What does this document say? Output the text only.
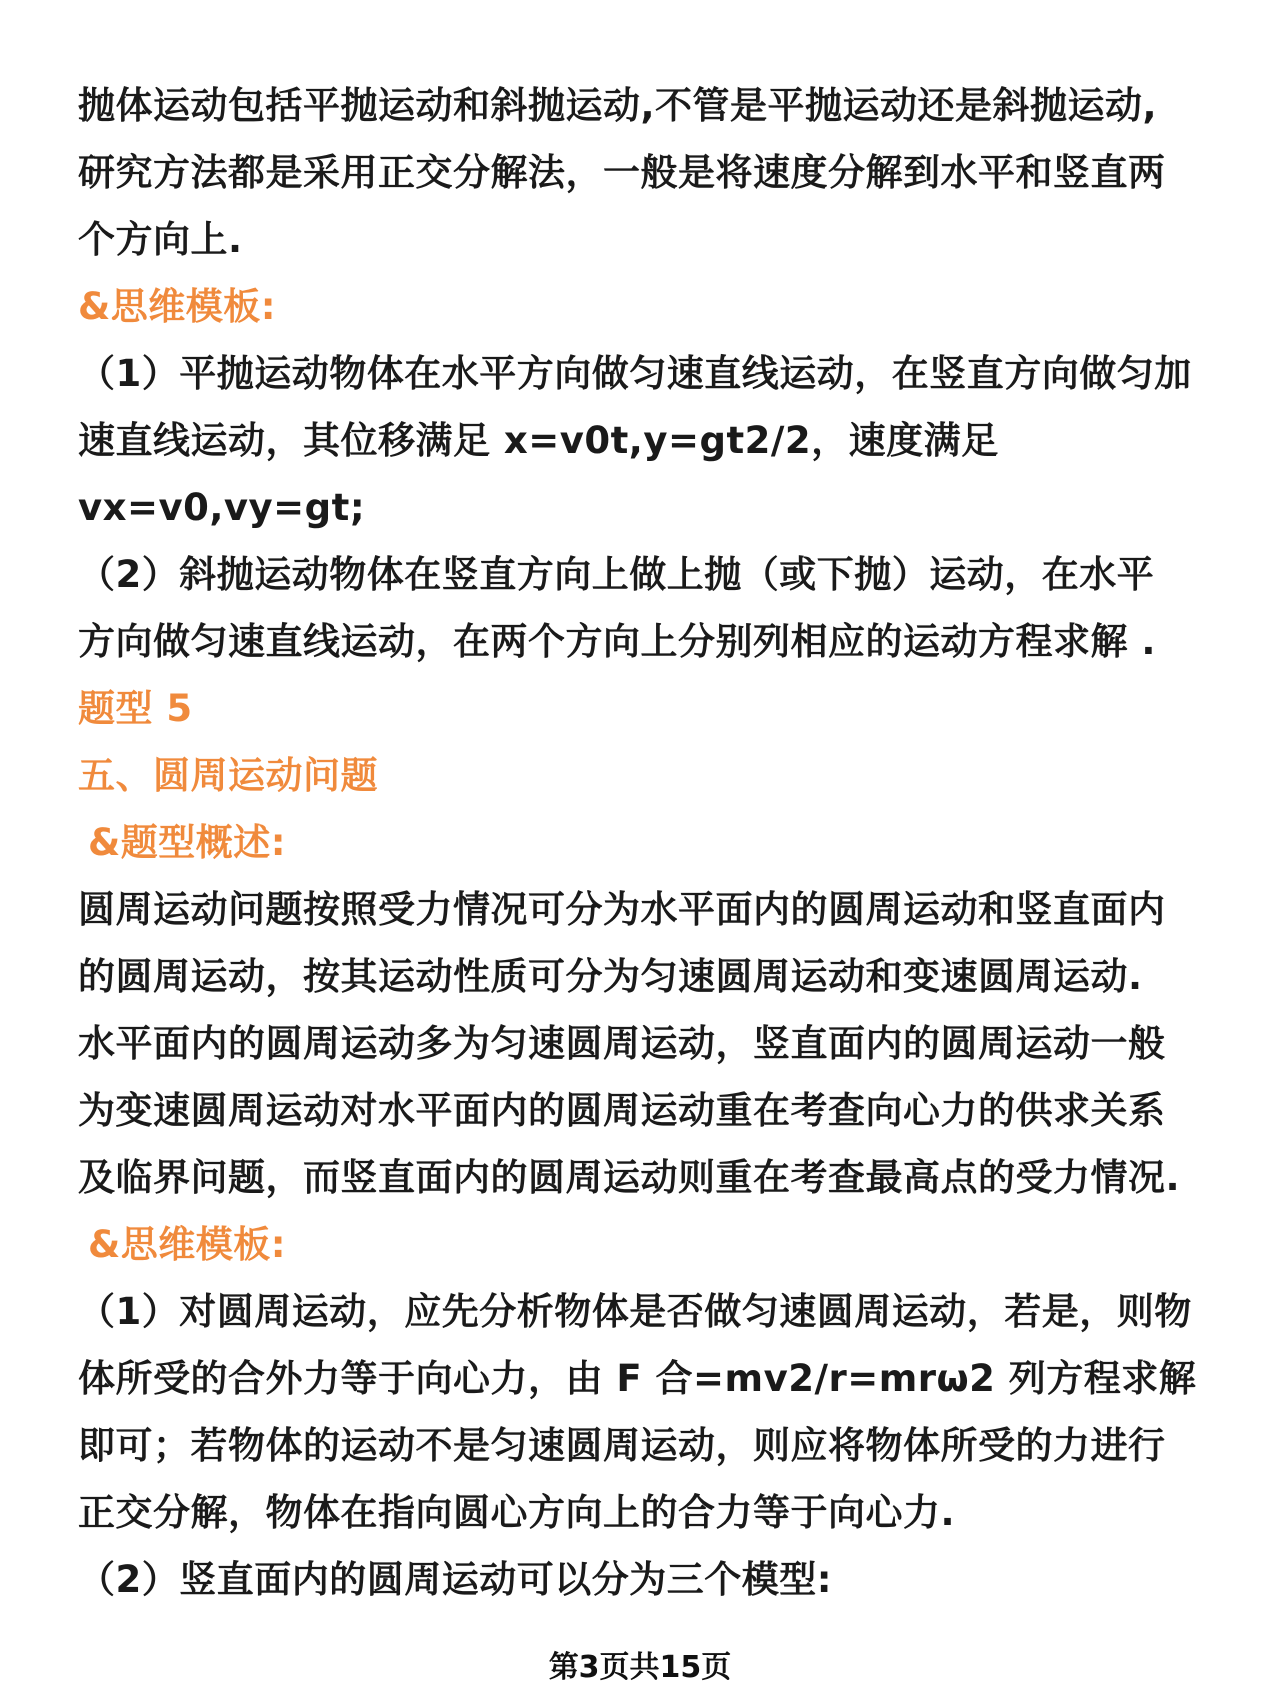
抛体运动包括平抛运动和斜抛运动,不管是平抛运动还是斜抛运动,
研究方法都是采用正交分解法，一般是将速度分解到水平和竖直两
个方向上.
&思维模板:
（1）平抛运动物体在水平方向做匀速直线运动，在竖直方向做匀加
速直线运动，其位移满足 x=v0t,y=gt2/2，速度满足
vx=v0,vy=gt;
（2）斜抛运动物体在竖直方向上做上抛（或下抛）运动，在水平
方向做匀速直线运动，在两个方向上分别列相应的运动方程求解 .
题型 5
五、圆周运动问题
&题型概述:
圆周运动问题按照受力情况可分为水平面内的圆周运动和竖直面内
的圆周运动，按其运动性质可分为匀速圆周运动和变速圆周运动.
水平面内的圆周运动多为匀速圆周运动，竖直面内的圆周运动一般
为变速圆周运动对水平面内的圆周运动重在考查向心力的供求关系
及临界问题，而竖直面内的圆周运动则重在考查最高点的受力情况.
&思维模板:
（1）对圆周运动，应先分析物体是否做匀速圆周运动，若是，则物
体所受的合外力等于向心力，由 F 合=mv2/r=mrω2 列方程求解
即可；若物体的运动不是匀速圆周运动，则应将物体所受的力进行
正交分解，物体在指向圆心方向上的合力等于向心力.
（2）竖直面内的圆周运动可以分为三个模型:
第3页共15页
